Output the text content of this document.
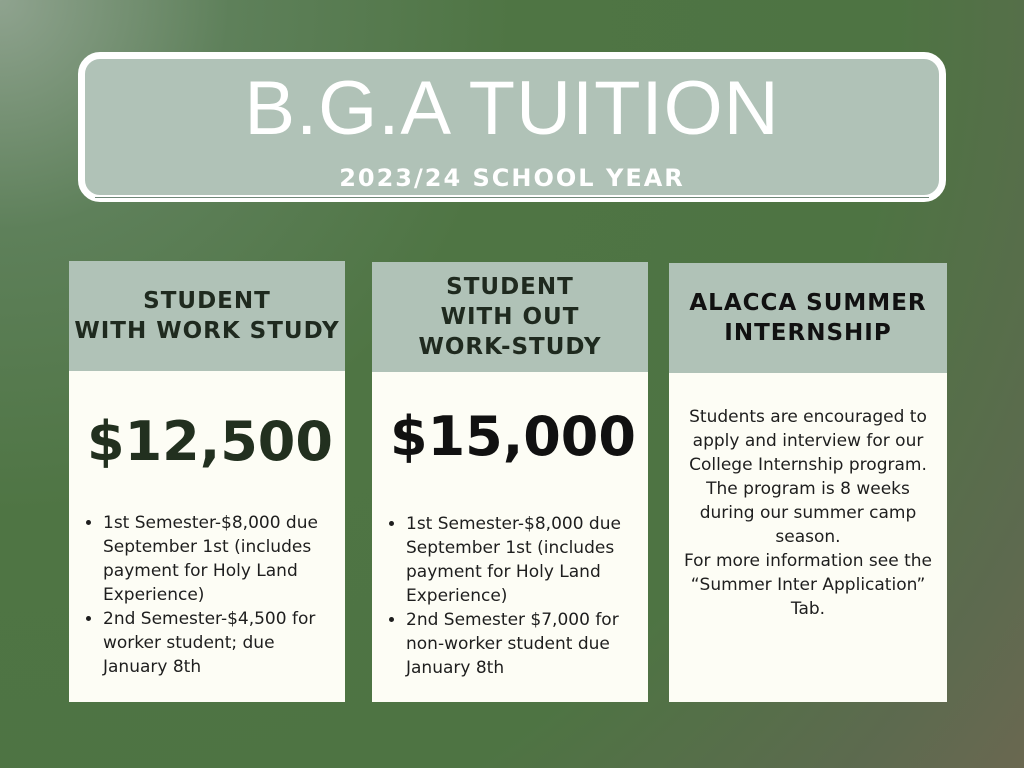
B.G.A TUITION
2023/24 SCHOOL YEAR
STUDENT
WITH WORK STUDY
$12,500
• 1st Semester-$8,000 due September 1st (includes payment for Holy Land Experience)
• 2nd Semester-$4,500 for worker student; due January 8th
STUDENT
WITH OUT
WORK-STUDY
$15,000
• 1st Semester-$8,000 due September 1st (includes payment for Holy Land Experience)
• 2nd Semester $7,000 for non-worker student due January 8th
ALACCA SUMMER
INTERNSHIP

Students are encouraged to apply and interview for our College Internship program.

The program is 8 weeks during our summer camp season.

For more information see the “Summer Inter Application” Tab.
